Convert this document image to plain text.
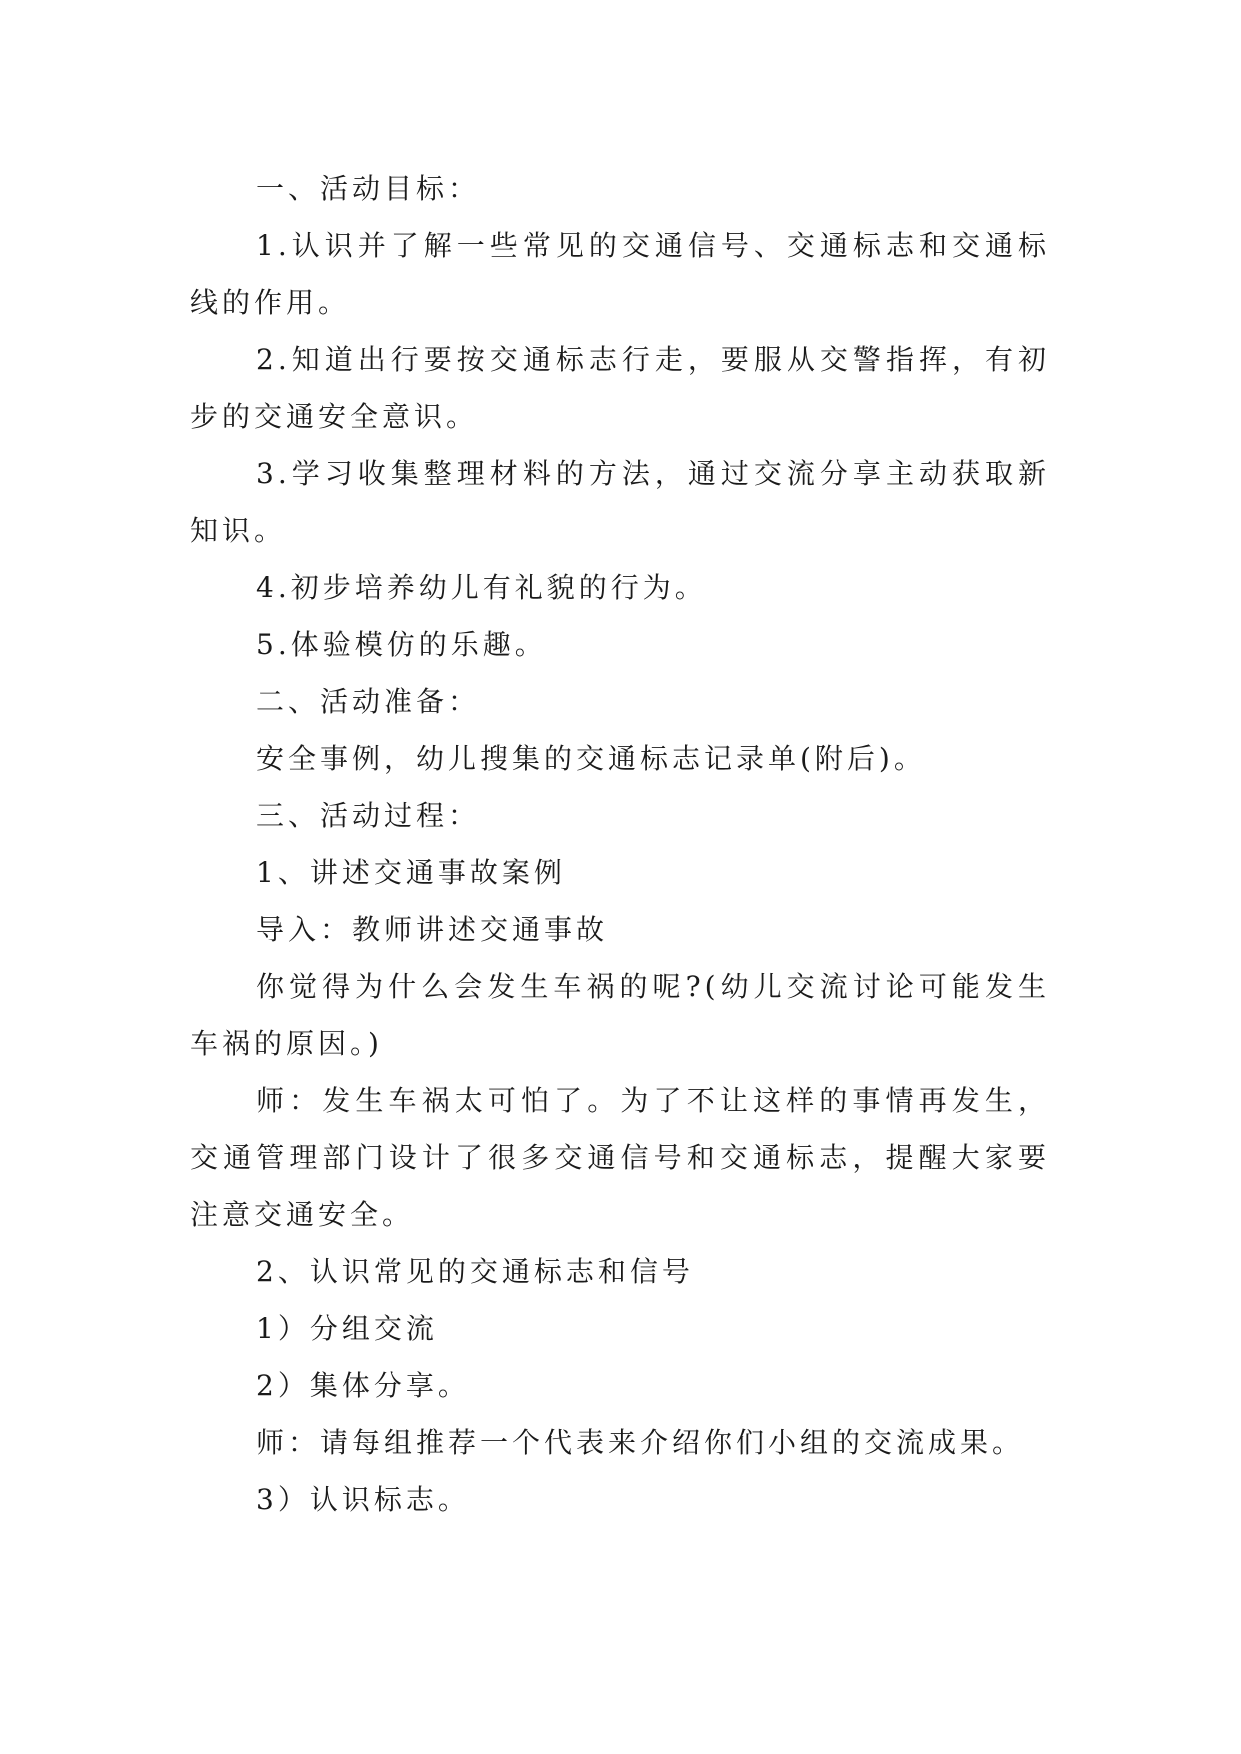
一、活动目标：

1.认识并了解一些常见的交通信号、交通标志和交通标线的作用。

2.知道出行要按交通标志行走，要服从交警指挥，有初步的交通安全意识。

3.学习收集整理材料的方法，通过交流分享主动获取新知识。

4.初步培养幼儿有礼貌的行为。

5.体验模仿的乐趣。

二、活动准备：

安全事例，幼儿搜集的交通标志记录单(附后)。

三、活动过程：

1、讲述交通事故案例

导入：教师讲述交通事故

你觉得为什么会发生车祸的呢?(幼儿交流讨论可能发生车祸的原因。)

师：发生车祸太可怕了。为了不让这样的事情再发生，交通管理部门设计了很多交通信号和交通标志，提醒大家要注意交通安全。

2、认识常见的交通标志和信号

1）分组交流

2）集体分享。

师：请每组推荐一个代表来介绍你们小组的交流成果。

3）认识标志。
